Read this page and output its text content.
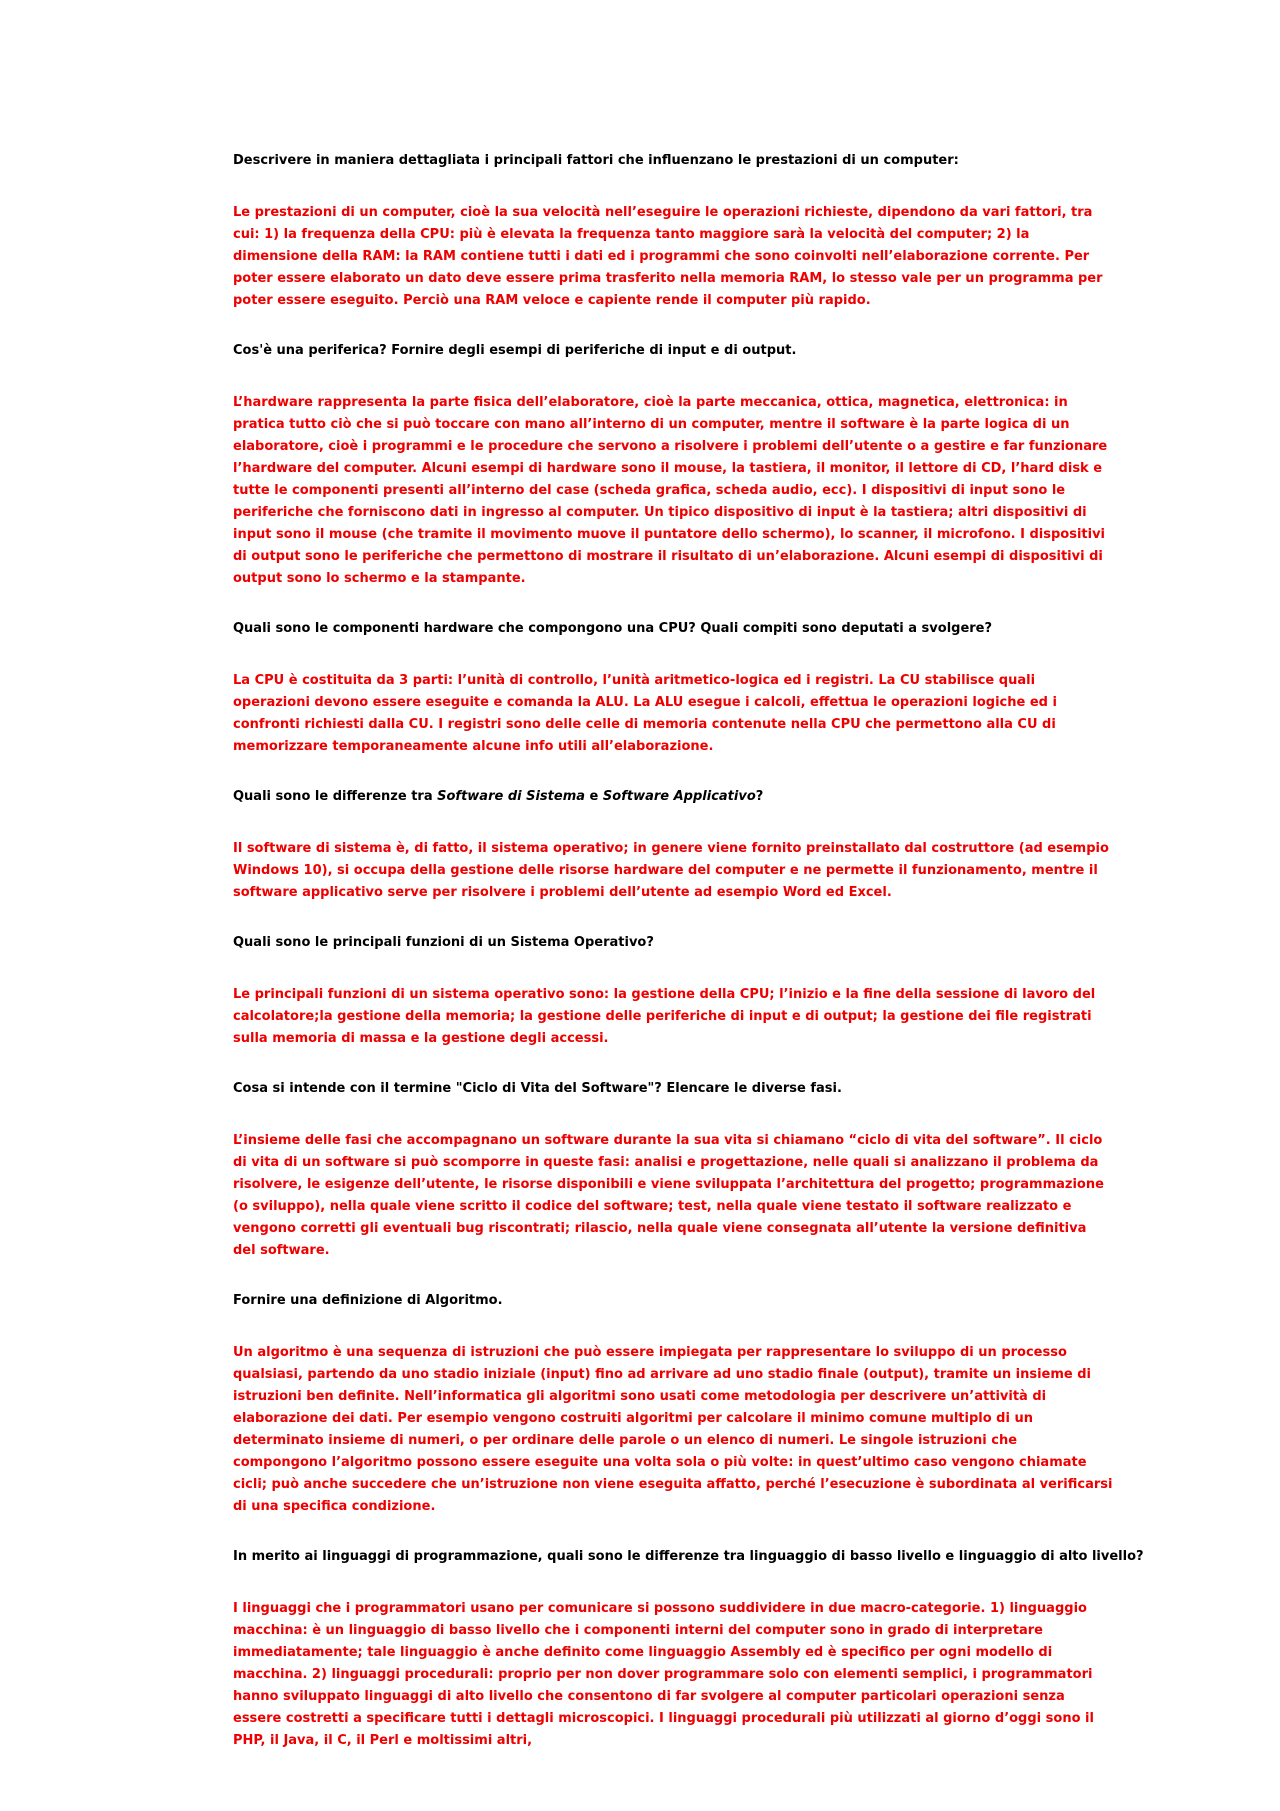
Descrivere in maniera dettagliata i principali fattori che influenzano le prestazioni di un computer:

Le prestazioni di un computer, cioè la sua velocità nell’eseguire le operazioni richieste, dipendono da vari fattori, tra cui: 1) la frequenza della CPU: più è elevata la frequenza tanto maggiore sarà la velocità del computer; 2) la dimensione della RAM: la RAM contiene tutti i dati ed i programmi che sono coinvolti nell’elaborazione corrente. Per poter essere elaborato un dato deve essere prima trasferito nella memoria RAM, lo stesso vale per un programma per poter essere eseguito. Perciò una RAM veloce e capiente rende il computer più rapido.

Cos'è una periferica? Fornire degli esempi di periferiche di input e di output.

L’hardware rappresenta la parte fisica dell’elaboratore, cioè la parte meccanica, ottica, magnetica, elettronica: in pratica tutto ciò che si può toccare con mano all’interno di un computer, mentre il software è la parte logica di un elaboratore, cioè i programmi e le procedure che servono a risolvere i problemi dell’utente o a gestire e far funzionare l’hardware del computer. Alcuni esempi di hardware sono il mouse, la tastiera, il monitor, il lettore di CD, l’hard disk e tutte le componenti presenti all’interno del case (scheda grafica, scheda audio, ecc). I dispositivi di input sono le periferiche che forniscono dati in ingresso al computer. Un tipico dispositivo di input è la tastiera; altri dispositivi di input sono il mouse (che tramite il movimento muove il puntatore dello schermo), lo scanner, il microfono. I dispositivi di output sono le periferiche che permettono di mostrare il risultato di un’elaborazione. Alcuni esempi di dispositivi di output sono lo schermo e la stampante.

Quali sono le componenti hardware che compongono una CPU? Quali compiti sono deputati a svolgere?

La CPU è costituita da 3 parti: l’unità di controllo, l’unità aritmetico-logica ed i registri. La CU stabilisce quali operazioni devono essere eseguite e comanda la ALU. La ALU esegue i calcoli, effettua le operazioni logiche ed i confronti richiesti dalla CU. I registri sono delle celle di memoria contenute nella CPU che permettono alla CU di memorizzare temporaneamente alcune info utili all’elaborazione.

Quali sono le differenze tra Software di Sistema e Software Applicativo?

Il software di sistema è, di fatto, il sistema operativo; in genere viene fornito preinstallato dal costruttore (ad esempio Windows 10), si occupa della gestione delle risorse hardware del computer e ne permette il funzionamento, mentre il software applicativo serve per risolvere i problemi dell’utente ad esempio Word ed Excel.

Quali sono le principali funzioni di un Sistema Operativo?

Le principali funzioni di un sistema operativo sono: la gestione della CPU; l’inizio e la fine della sessione di lavoro del calcolatore;la gestione della memoria; la gestione delle periferiche di input e di output; la gestione dei file registrati sulla memoria di massa e la gestione degli accessi.

Cosa si intende con il termine "Ciclo di Vita del Software"? Elencare le diverse fasi.

L’insieme delle fasi che accompagnano un software durante la sua vita si chiamano “ciclo di vita del software”. Il ciclo di vita di un software si può scomporre in queste fasi: analisi e progettazione, nelle quali si analizzano il problema da risolvere, le esigenze dell’utente, le risorse disponibili e viene sviluppata l’architettura del progetto; programmazione (o sviluppo), nella quale viene scritto il codice del software; test, nella quale viene testato il software realizzato e vengono corretti gli eventuali bug riscontrati; rilascio, nella quale viene consegnata all’utente la versione definitiva del software.

Fornire una definizione di Algoritmo.

Un algoritmo è una sequenza di istruzioni che può essere impiegata per rappresentare lo sviluppo di un processo qualsiasi, partendo da uno stadio iniziale (input) fino ad arrivare ad uno stadio finale (output), tramite un insieme di istruzioni ben definite. Nell’informatica gli algoritmi sono usati come metodologia per descrivere un’attività di elaborazione dei dati. Per esempio vengono costruiti algoritmi per calcolare il minimo comune multiplo di un determinato insieme di numeri, o per ordinare delle parole o un elenco di numeri. Le singole istruzioni che compongono l’algoritmo possono essere eseguite una volta sola o più volte: in quest’ultimo caso vengono chiamate cicli; può anche succedere che un’istruzione non viene eseguita affatto, perché l’esecuzione è subordinata al verificarsi di una specifica condizione.

In merito ai linguaggi di programmazione, quali sono le differenze tra linguaggio di basso livello e linguaggio di alto livello?

I linguaggi che i programmatori usano per comunicare si possono suddividere in due macro-categorie. 1) linguaggio macchina: è un linguaggio di basso livello che i componenti interni del computer sono in grado di interpretare immediatamente; tale linguaggio è anche definito come linguaggio Assembly ed è specifico per ogni modello di macchina. 2) linguaggi procedurali: proprio per non dover programmare solo con elementi semplici, i programmatori hanno sviluppato linguaggi di alto livello che consentono di far svolgere al computer particolari operazioni senza essere costretti a specificare tutti i dettagli microscopici. I linguaggi procedurali più utilizzati al giorno d’oggi sono il PHP, il Java, il C, il Perl e moltissimi altri,
